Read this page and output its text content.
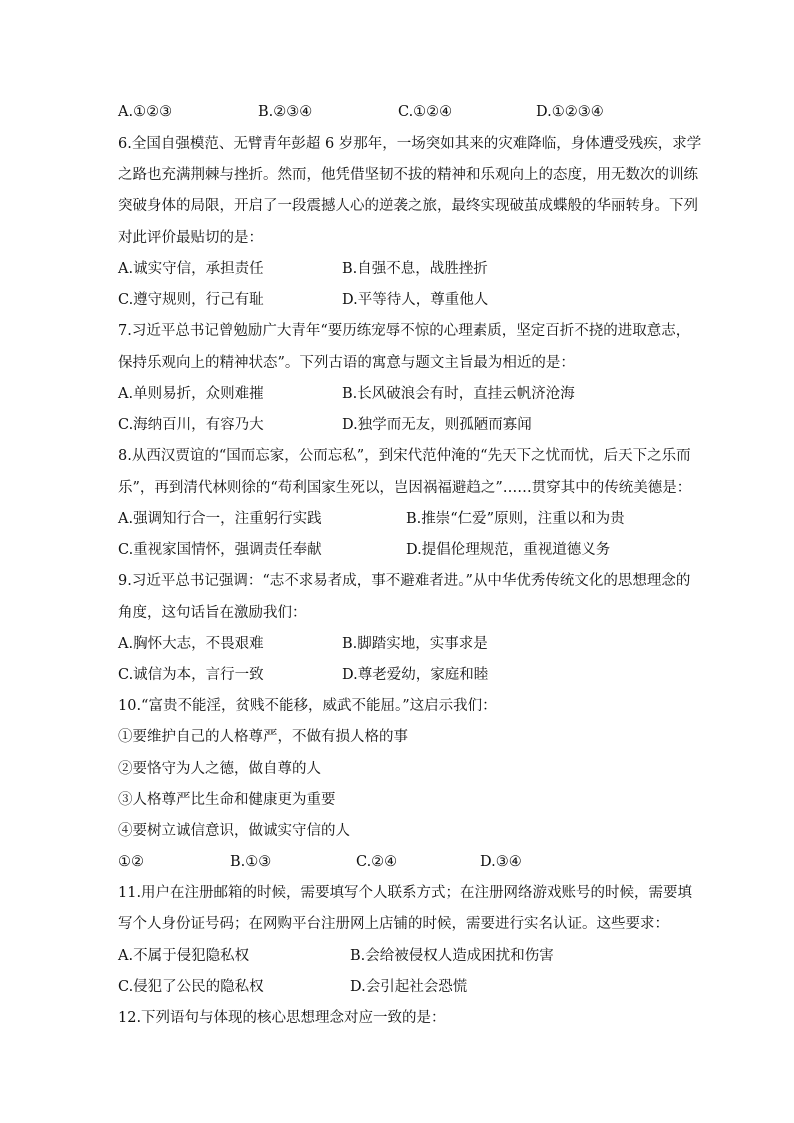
A.①②③	B.②③④	C.①②④	D.①②③④
6.全国自强模范、无臂青年彭超 6 岁那年，一场突如其来的灾难降临，身体遭受残疾，求学
之路也充满荆棘与挫折。然而，他凭借坚韧不拔的精神和乐观向上的态度，用无数次的训练
突破身体的局限，开启了一段震撼人心的逆袭之旅，最终实现破茧成蝶般的华丽转身。下列
对此评价最贴切的是：
A.诚实守信，承担责任	B.自强不息，战胜挫折
C.遵守规则，行己有耻	D.平等待人，尊重他人
7.习近平总书记曾勉励广大青年“要历练宠辱不惊的心理素质，坚定百折不挠的进取意志，
保持乐观向上的精神状态”。下列古语的寓意与题文主旨最为相近的是：
A.单则易折，众则难摧	B.长风破浪会有时，直挂云帆济沧海
C.海纳百川，有容乃大	D.独学而无友，则孤陋而寡闻
8.从西汉贾谊的“国而忘家，公而忘私”，到宋代范仲淹的“先天下之忧而忧，后天下之乐而
乐”，再到清代林则徐的“苟利国家生死以，岂因祸福避趋之”……贯穿其中的传统美德是：
A.强调知行合一，注重躬行实践	B.推崇“仁爱”原则，注重以和为贵
C.重视家国情怀，强调责任奉献	D.提倡伦理规范，重视道德义务
9.习近平总书记强调：“志不求易者成，事不避难者进。”从中华优秀传统文化的思想理念的
角度，这句话旨在激励我们：
A.胸怀大志，不畏艰难	B.脚踏实地，实事求是
C.诚信为本，言行一致	D.尊老爱幼，家庭和睦
10.“富贵不能淫，贫贱不能移，威武不能屈。”这启示我们：
①要维护自己的人格尊严，不做有损人格的事
②要恪守为人之德，做自尊的人
③人格尊严比生命和健康更为重要
④要树立诚信意识，做诚实守信的人
①②	B.①③	C.②④	D.③④
11.用户在注册邮箱的时候，需要填写个人联系方式；在注册网络游戏账号的时候，需要填
写个人身份证号码；在网购平台注册网上店铺的时候，需要进行实名认证。这些要求：
A.不属于侵犯隐私权	B.会给被侵权人造成困扰和伤害
C.侵犯了公民的隐私权	D.会引起社会恐慌
12.下列语句与体现的核心思想理念对应一致的是：
